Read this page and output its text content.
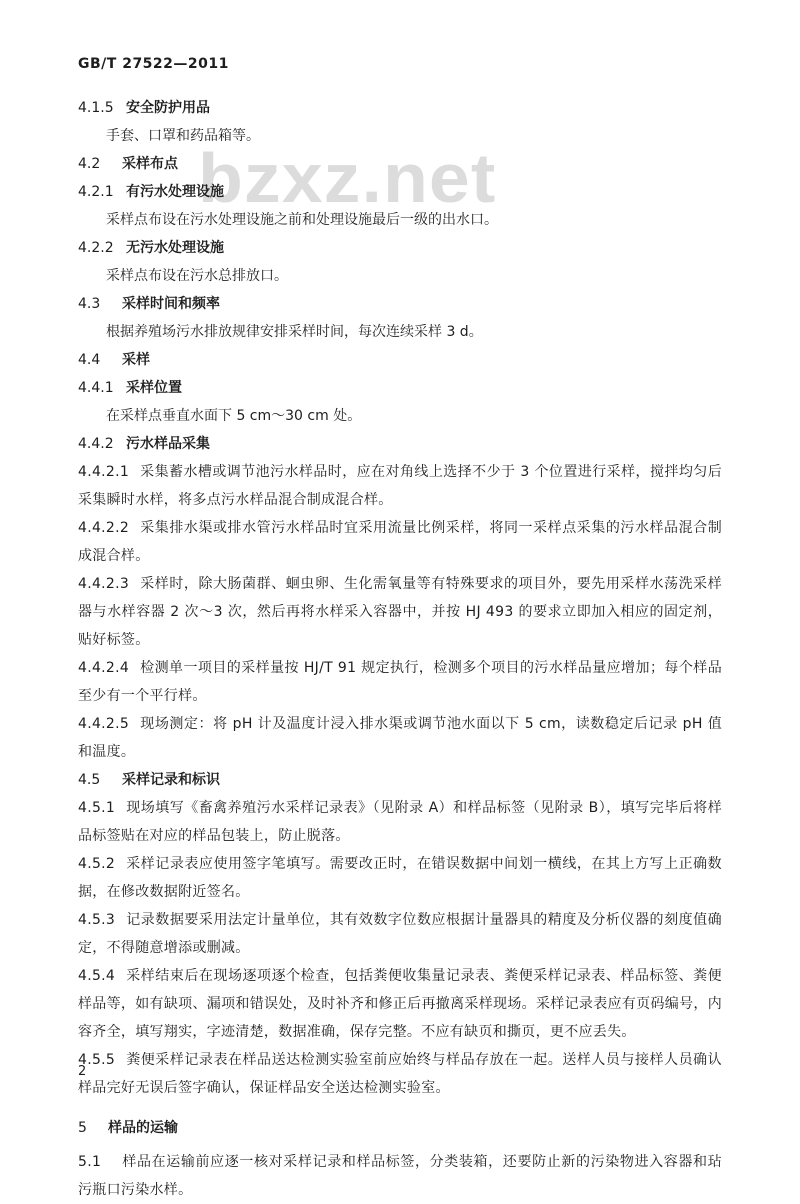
GB/T 27522—2011
bzxz.net
4.1.5 安全防护用品
手套、口罩和药品箱等。
4.2 采样布点
4.2.1 有污水处理设施
采样点布设在污水处理设施之前和处理设施最后一级的出水口。
4.2.2 无污水处理设施
采样点布设在污水总排放口。
4.3 采样时间和频率
根据养殖场污水排放规律安排采样时间，每次连续采样 3 d。
4.4 采样
4.4.1 采样位置
在采样点垂直水面下 5 cm～30 cm 处。
4.4.2 污水样品采集
4.4.2.1 采集蓄水槽或调节池污水样品时，应在对角线上选择不少于 3 个位置进行采样，搅拌均匀后采集瞬时水样，将多点污水样品混合制成混合样。
4.4.2.2 采集排水渠或排水管污水样品时宜采用流量比例采样，将同一采样点采集的污水样品混合制成混合样。
4.4.2.3 采样时，除大肠菌群、蛔虫卵、生化需氧量等有特殊要求的项目外，要先用采样水荡洗采样器与水样容器 2 次～3 次，然后再将水样采入容器中，并按 HJ 493 的要求立即加入相应的固定剂，贴好标签。
4.4.2.4 检测单一项目的采样量按 HJ/T 91 规定执行，检测多个项目的污水样品量应增加；每个样品至少有一个平行样。
4.4.2.5 现场测定：将 pH 计及温度计浸入排水渠或调节池水面以下 5 cm，读数稳定后记录 pH 值和温度。
4.5 采样记录和标识
4.5.1 现场填写《畜禽养殖污水采样记录表》（见附录 A）和样品标签（见附录 B），填写完毕后将样品标签贴在对应的样品包装上，防止脱落。
4.5.2 采样记录表应使用签字笔填写。需要改正时，在错误数据中间划一横线，在其上方写上正确数据，在修改数据附近签名。
4.5.3 记录数据要采用法定计量单位，其有效数字位数应根据计量器具的精度及分析仪器的刻度值确定，不得随意增添或删减。
4.5.4 采样结束后在现场逐项逐个检查，包括粪便收集量记录表、粪便采样记录表、样品标签、粪便样品等，如有缺项、漏项和错误处，及时补齐和修正后再撤离采样现场。采样记录表应有页码编号，内容齐全，填写翔实，字迹清楚，数据准确，保存完整。不应有缺页和撕页，更不应丢失。
4.5.5 粪便采样记录表在样品送达检测实验室前应始终与样品存放在一起。送样人员与接样人员确认样品完好无误后签字确认，保证样品安全送达检测实验室。
5 样品的运输
5.1 样品在运输前应逐一核对采样记录和样品标签，分类装箱，还要防止新的污染物进入容器和玷污瓶口污染水样。
2
